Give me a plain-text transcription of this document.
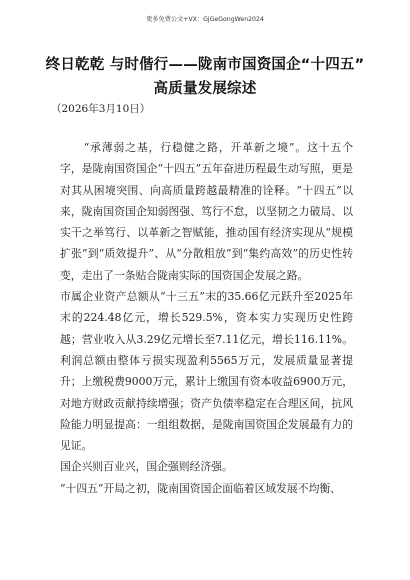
更多免费公文+VX：GjGeGongWen2024
终日乾乾 与时偕行——陇南市国资国企“十四五”
高质量发展综述
（2026年3月10日）

“承薄弱之基，行稳健之路，开革新之境”。这十五个字，是陇南国资国企“十四五”五年奋进历程最生动写照，更是对其从困境突围、向高质量跨越最精准的诠释。“十四五”以来，陇南国资国企知弱图强、笃行不怠，以坚韧之力破局、以实干之举笃行、以革新之智赋能，推动国有经济实现从“规模扩张”到“质效提升”、从“分散粗放”到“集约高效”的历史性转变，走出了一条贴合陇南实际的国资国企发展之路。

市属企业资产总额从“十三五”末的35.66亿元跃升至2025年末的224.48亿元，增长529.5%，资本实力实现历史性跨越；营业收入从3.29亿元增长至7.11亿元，增长116.11%。利润总额由整体亏损实现盈利5565万元，发展质量显著提升；上缴税费9000万元，累计上缴国有资本收益6900万元，对地方财政贡献持续增强；资产负债率稳定在合理区间，抗风险能力明显提高：一组组数据，是陇南国资国企发展最有力的见证。

国企兴则百业兴，国企强则经济强。

“十四五”开局之初，陇南国资国企面临着区域发展不均衡、
